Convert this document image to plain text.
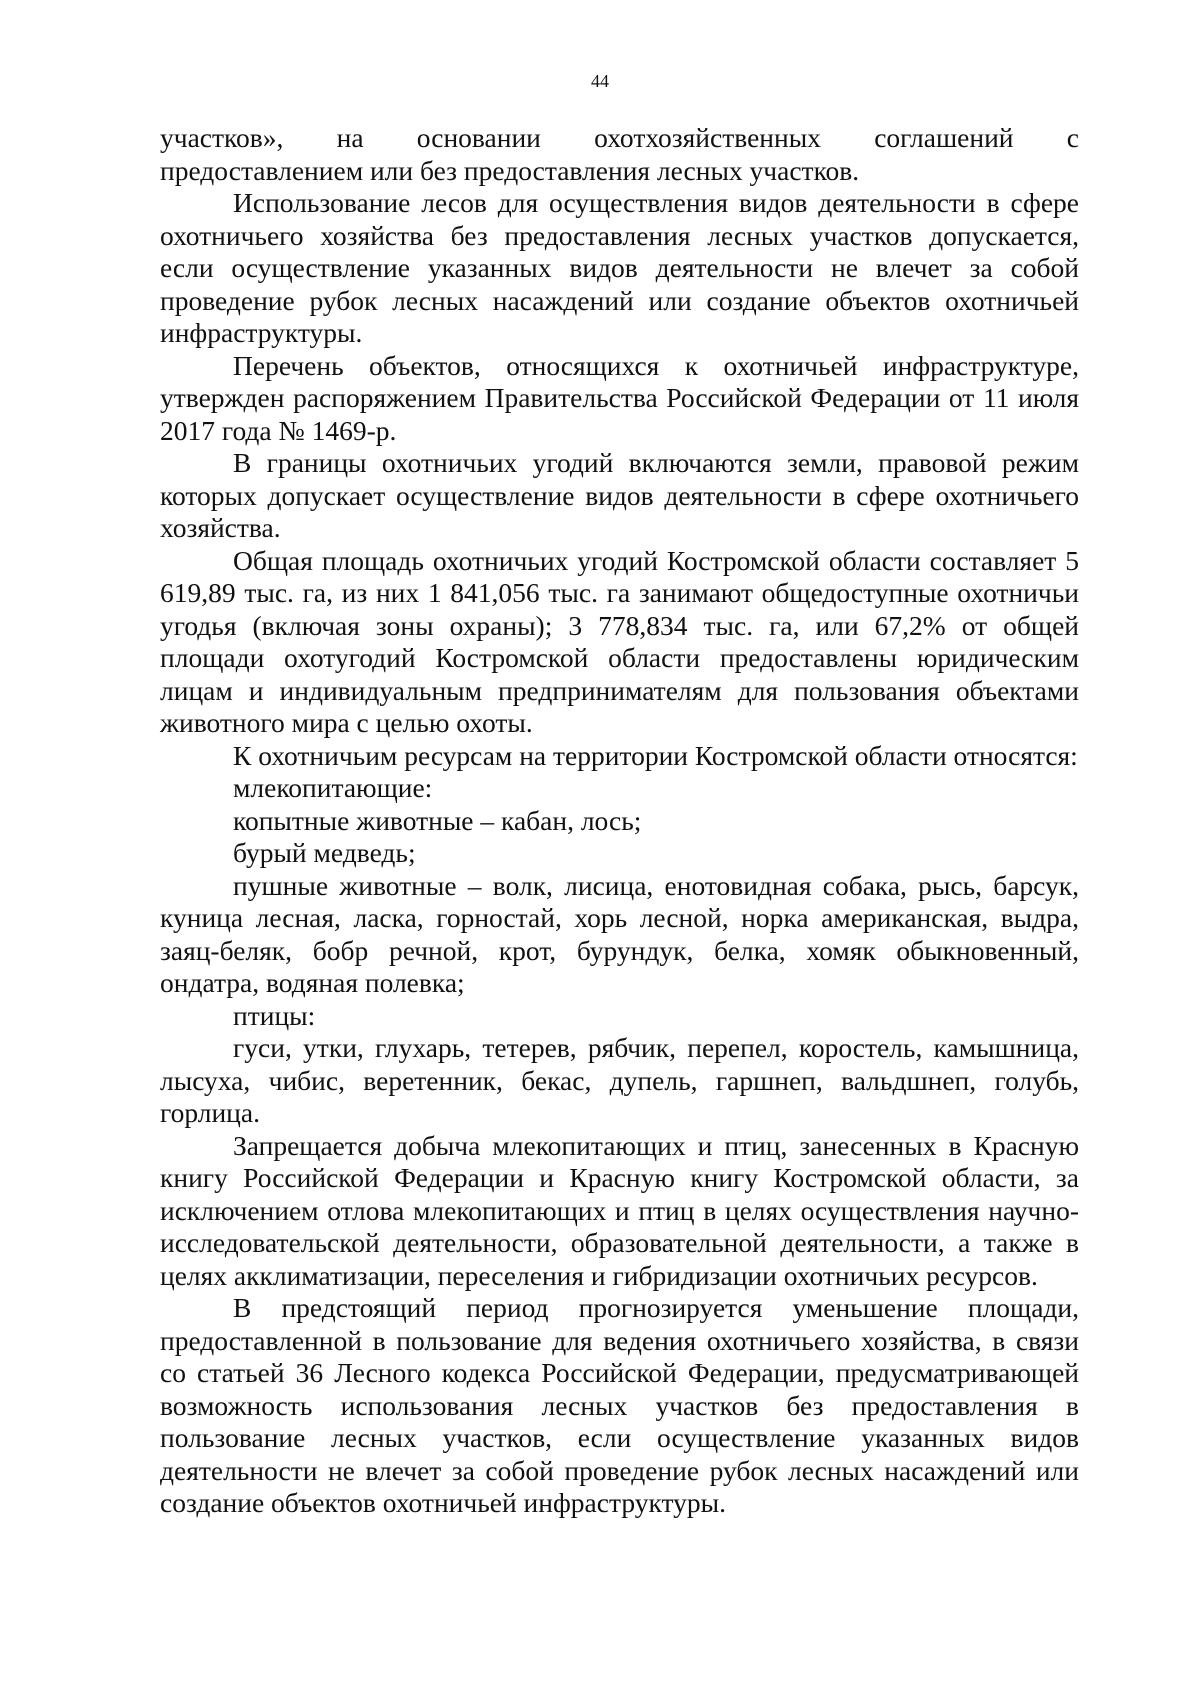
44

участков», на основании охотхозяйственных соглашений с

предоставлением или без предоставления лесных участков.

Использование лесов для осуществления видов деятельности в сфере охотничьего хозяйства без предоставления лесных участков допускается, если осуществление указанных видов деятельности не влечет за собой проведение рубок лесных насаждений или создание объектов охотничьей инфраструктуры.

Перечень объектов, относящихся к охотничьей инфраструктуре, утвержден распоряжением Правительства Российской Федерации от 11 июля 2017 года № 1469-р.

В границы охотничьих угодий включаются земли, правовой режим которых допускает осуществление видов деятельности в сфере охотничьего хозяйства.

Общая площадь охотничьих угодий Костромской области составляет 5 619,89 тыс. га, из них 1 841,056 тыс. га занимают общедоступные охотничьи угодья (включая зоны охраны); 3 778,834 тыс. га, или 67,2% от общей площади охотугодий Костромской области предоставлены юридическим лицам и индивидуальным предпринимателям для пользования объектами животного мира с целью охоты.

К охотничьим ресурсам на территории Костромской области относятся:

млекопитающие:

копытные животные – кабан, лось;

бурый медведь;

пушные животные – волк, лисица, енотовидная собака, рысь, барсук, куница лесная, ласка, горностай, хорь лесной, норка американская, выдра, заяц-беляк, бобр речной, крот, бурундук, белка, хомяк обыкновенный, ондатра, водяная полевка;

птицы:

гуси, утки, глухарь, тетерев, рябчик, перепел, коростель, камышница, лысуха, чибис, веретенник, бекас, дупель, гаршнеп, вальдшнеп, голубь, горлица.

Запрещается добыча млекопитающих и птиц, занесенных в Красную книгу Российской Федерации и Красную книгу Костромской области, за исключением отлова млекопитающих и птиц в целях осуществления научно-исследовательской деятельности, образовательной деятельности, а также в целях акклиматизации, переселения и гибридизации охотничьих ресурсов.

В предстоящий период прогнозируется уменьшение площади, предоставленной в пользование для ведения охотничьего хозяйства, в связи со статьей 36 Лесного кодекса Российской Федерации, предусматривающей возможность использования лесных участков без предоставления в пользование лесных участков, если осуществление указанных видов деятельности не влечет за собой проведение рубок лесных насаждений или создание объектов охотничьей инфраструктуры.
